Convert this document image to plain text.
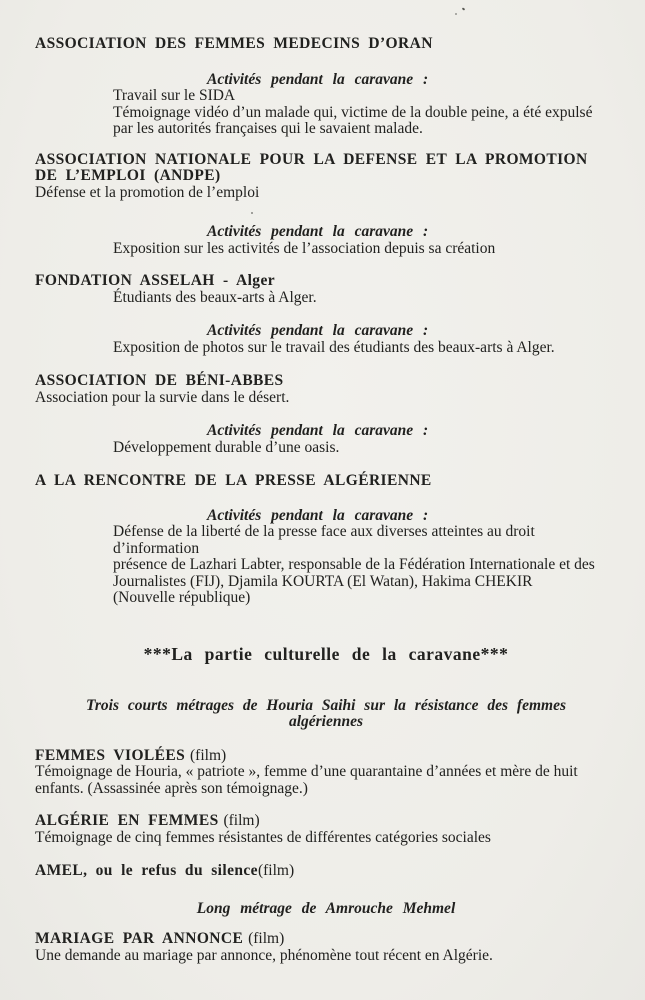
ASSOCIATION DES FEMMES MEDECINS D’ORAN
Activités pendant la caravane :
Travail sur le SIDA
Témoignage vidéo d’un malade qui, victime de la double peine, a été expulsé
par les autorités françaises qui le savaient malade.
ASSOCIATION NATIONALE POUR LA DEFENSE ET LA PROMOTION
DE L’EMPLOI (ANDPE)
Défense et la promotion de l’emploi
Activités pendant la caravane :
Exposition sur les activités de l’association depuis sa création
FONDATION ASSELAH - Alger
Étudiants des beaux-arts à Alger.
Activités pendant la caravane :
Exposition de photos sur le travail des étudiants des beaux-arts à Alger.
ASSOCIATION DE BÉNI-ABBES
Association pour la survie dans le désert.
Activités pendant la caravane :
Développement durable d’une oasis.
A LA RENCONTRE DE LA PRESSE ALGÉRIENNE
Activités pendant la caravane :
Défense de la liberté de la presse face aux diverses atteintes au droit
d’information
présence de Lazhari Labter, responsable de la Fédération Internationale et des
Journalistes (FIJ), Djamila KOURTA (El Watan), Hakima CHEKIR
(Nouvelle république)
***La partie culturelle de la caravane***
Trois courts métrages de Houria Saihi sur la résistance des femmes
algériennes
FEMMES VIOLÉES (film)
Témoignage de Houria, « patriote », femme d’une quarantaine d’années et mère de huit
enfants. (Assassinée après son témoignage.)
ALGÉRIE EN FEMMES (film)
Témoignage de cinq femmes résistantes de différentes catégories sociales
AMEL, ou le refus du silence(film)
Long métrage de Amrouche Mehmel
MARIAGE PAR ANNONCE (film)
Une demande au mariage par annonce, phénomène tout récent en Algérie.
